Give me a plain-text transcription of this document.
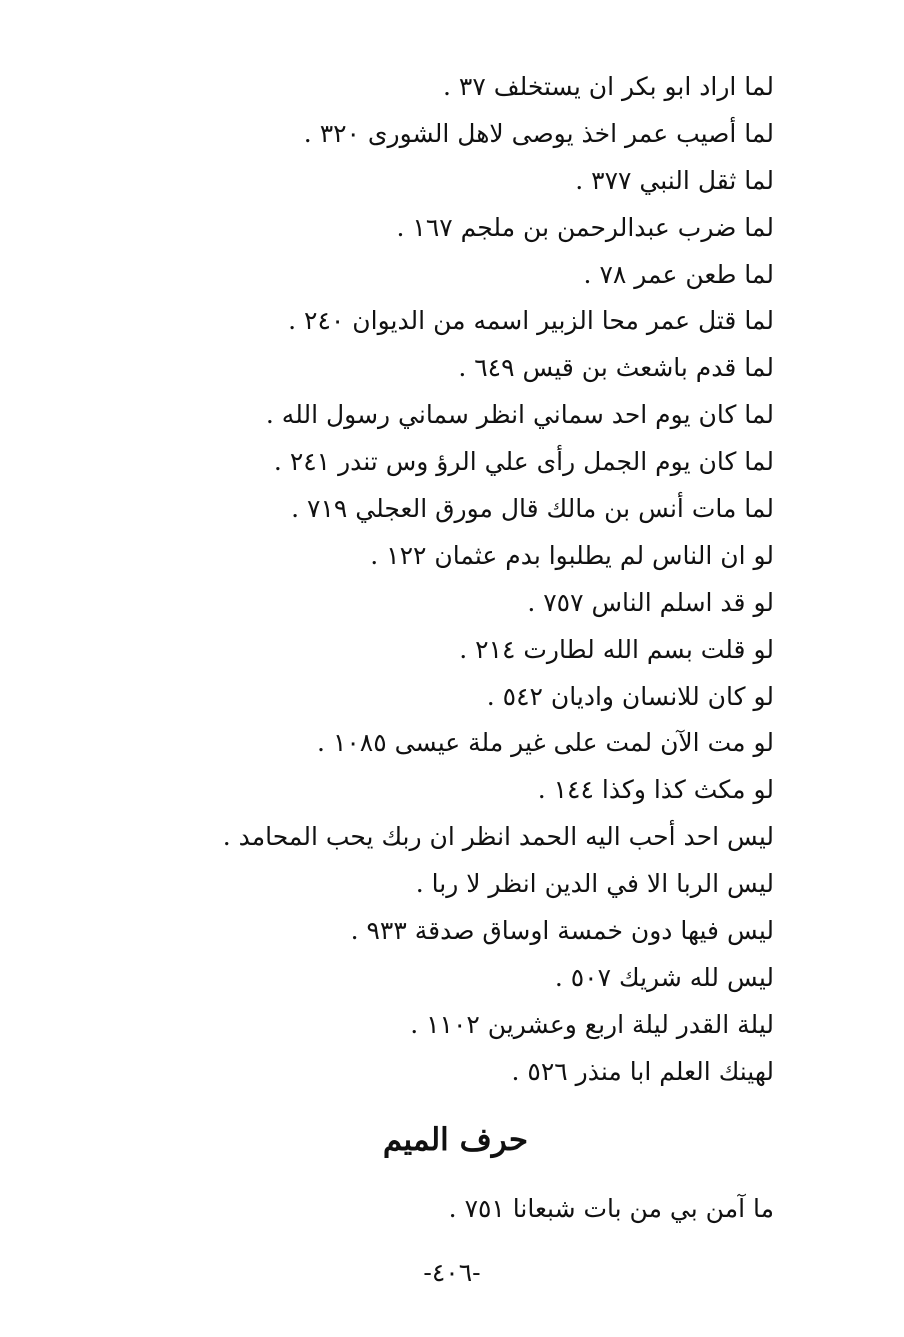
لما اراد ابو بكر ان يستخلف ٣٧ .
لما أصيب عمر اخذ يوصى لاهل الشورى ٣٢٠ .
لما ثقل النبي ٣٧٧ .
لما ضرب عبدالرحمن بن ملجم ١٦٧ .
لما طعن عمر ٧٨ .
لما قتل عمر محا الزبير اسمه من الديوان ٢٤٠ .
لما قدم باشعث بن قيس ٦٤٩ .
لما كان يوم احد سماني انظر سماني رسول الله .
لما كان يوم الجمل رأى علي الرؤ وس تندر ٢٤١ .
لما مات أنس بن مالك قال مورق العجلي ٧١٩ .
لو ان الناس لم يطلبوا بدم عثمان ١٢٢ .
لو قد اسلم الناس ٧٥٧ .
لو قلت بسم الله لطارت ٢١٤ .
لو كان للانسان واديان ٥٤٢ .
لو مت الآن لمت على غير ملة عيسى ١٠٨٥ .
لو مكث كذا وكذا ١٤٤ .
ليس احد أحب اليه الحمد انظر ان ربك يحب المحامد .
ليس الربا الا في الدين انظر لا ربا .
ليس فيها دون خمسة اوساق صدقة ٩٣٣ .
ليس لله شريك ٥٠٧ .
ليلة القدر ليلة اربع وعشرين ١١٠٢ .
لهينك العلم ابا منذر ٥٢٦ .
حرف الميم
ما آمن بي من بات شبعانا ٧٥١ .
-٤٠٦-
